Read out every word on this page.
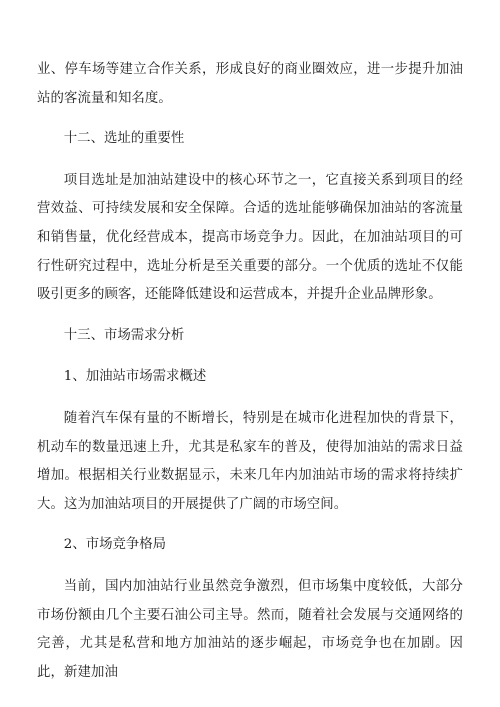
业、停车场等建立合作关系，形成良好的商业圈效应，进一步提升加油站的客流量和知名度。

十二、选址的重要性

项目选址是加油站建设中的核心环节之一，它直接关系到项目的经营效益、可持续发展和安全保障。合适的选址能够确保加油站的客流量和销售量，优化经营成本，提高市场竞争力。因此，在加油站项目的可行性研究过程中，选址分析是至关重要的部分。一个优质的选址不仅能吸引更多的顾客，还能降低建设和运营成本，并提升企业品牌形象。

十三、市场需求分析

1、加油站市场需求概述

随着汽车保有量的不断增长，特别是在城市化进程加快的背景下，机动车的数量迅速上升，尤其是私家车的普及，使得加油站的需求日益增加。根据相关行业数据显示，未来几年内加油站市场的需求将持续扩大。这为加油站项目的开展提供了广阔的市场空间。

2、市场竞争格局

当前，国内加油站行业虽然竞争激烈，但市场集中度较低，大部分市场份额由几个主要石油公司主导。然而，随着社会发展与交通网络的完善，尤其是私营和地方加油站的逐步崛起，市场竞争也在加剧。因此，新建加油
